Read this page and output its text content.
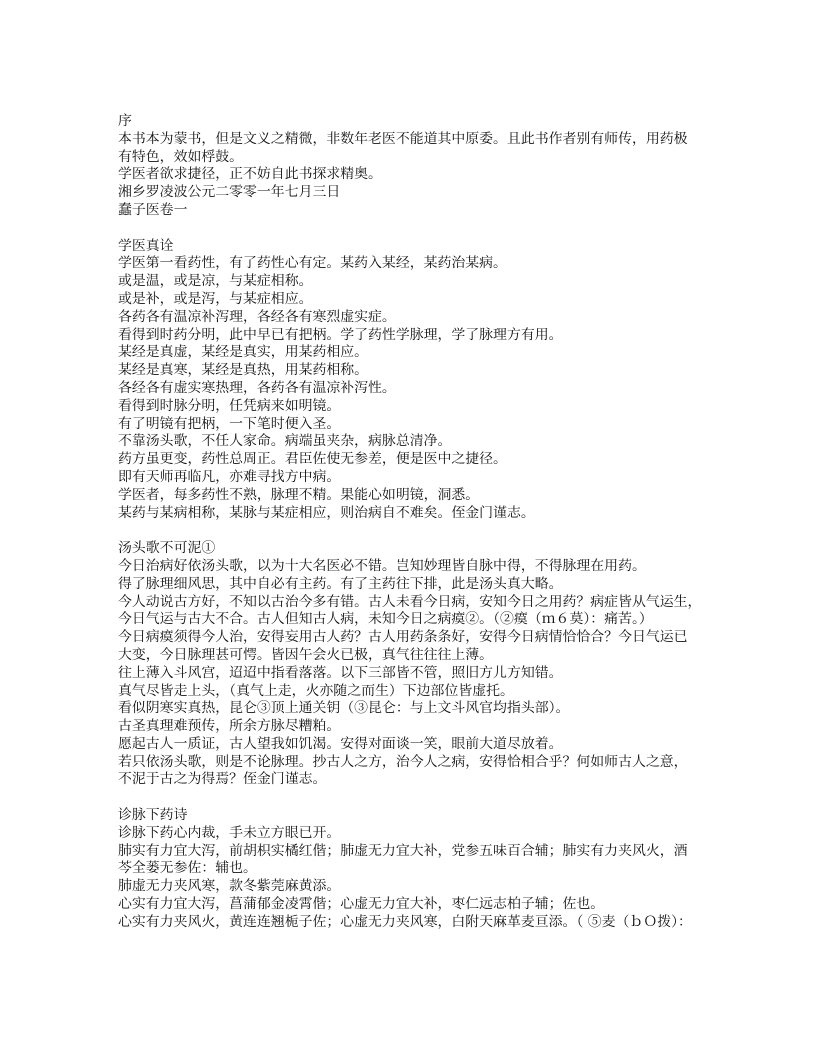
序
本书本为蒙书，但是文义之精微，非数年老医不能道其中原委。且此书作者别有师传，用药极
有特色，效如桴鼓。
学医者欲求捷径，正不妨自此书探求精奥。
湘乡罗凌波公元二零零一年七月三日
蠢子医卷一
学医真诠
学医第一看药性，有了药性心有定。某药入某经，某药治某病。
或是温，或是凉，与某症相称。
或是补，或是泻，与某症相应。
各药各有温凉补泻理，各经各有寒烈虚实症。
看得到时药分明，此中早已有把柄。学了药性学脉理，学了脉理方有用。
某经是真虚，某经是真实，用某药相应。
某经是真寒，某经是真热，用某药相称。
各经各有虚实寒热理，各药各有温凉补泻性。
看得到时脉分明，任凭病来如明镜。
有了明镜有把柄，一下笔时便入圣。
不靠汤头歌，不任人家命。病端虽夹杂，病脉总清净。
药方虽更变，药性总周正。君臣佐使无参差，便是医中之捷径。
即有天师再临凡，亦难寻找方中病。
学医者，每多药性不熟，脉理不精。果能心如明镜，洞悉。
某药与某病相称，某脉与某症相应，则治病自不难矣。侄金门谨志。
汤头歌不可泥①
今日治病好依汤头歌，以为十大名医必不错。岂知妙理皆自脉中得，不得脉理在用药。
得了脉理细风思，其中自必有主药。有了主药往下排，此是汤头真大略。
今人动说古方好，不知以古治今多有错。古人未看今日病，安知今日之用药？病症皆从气运生，
今日气运与古大不合。古人但知古人病，未知今日之病瘼②。（②瘼（ｍ６莫）：痛苦。）
今日病瘼须得今人治，安得妄用古人药？古人用药条条好，安得今日病情恰恰合？今日气运已
大变，今日脉理甚可愕。皆因午会火已极，真气往往往上薄。
往上薄入斗风宫，迢迢中指看落落。以下三部皆不管，照旧方儿方知错。
真气尽皆走上头，（真气上走，火亦随之而生）下边部位皆虚托。
看似阴寒实真热，昆仑③顶上通关钥（③昆仑：与上文斗风官均指头部）。
古圣真理难预传，所余方脉尽糟粕。
愿起古人一质证，古人望我如饥渴。安得对面谈一笑，眼前大道尽放着。
若只依汤头歌，则是不论脉理。抄古人之方，治今人之病，安得恰相合乎？何如师古人之意，
不泥于古之为得焉？侄金门谨志。
诊脉下药诗
诊脉下药心内裁，手未立方眼已开。
肺实有力宜大泻，前胡枳实橘红偕；肺虚无力宜大补，党参五味百合辅；肺实有力夹风火，酒
芩全蒌无参佐：辅也。
肺虚无力夹风寒，款冬紫莞麻黄添。
心实有力宜大泻，菖蒲郁金凌霄偕；心虚无力宜大补，枣仁远志柏子辅；佐也。
心实有力夹风火，黄连连翘栀子佐；心虚无力夹风寒，白附天麻革麦亘添。（ ⑤麦（ｂＯ拨）：
